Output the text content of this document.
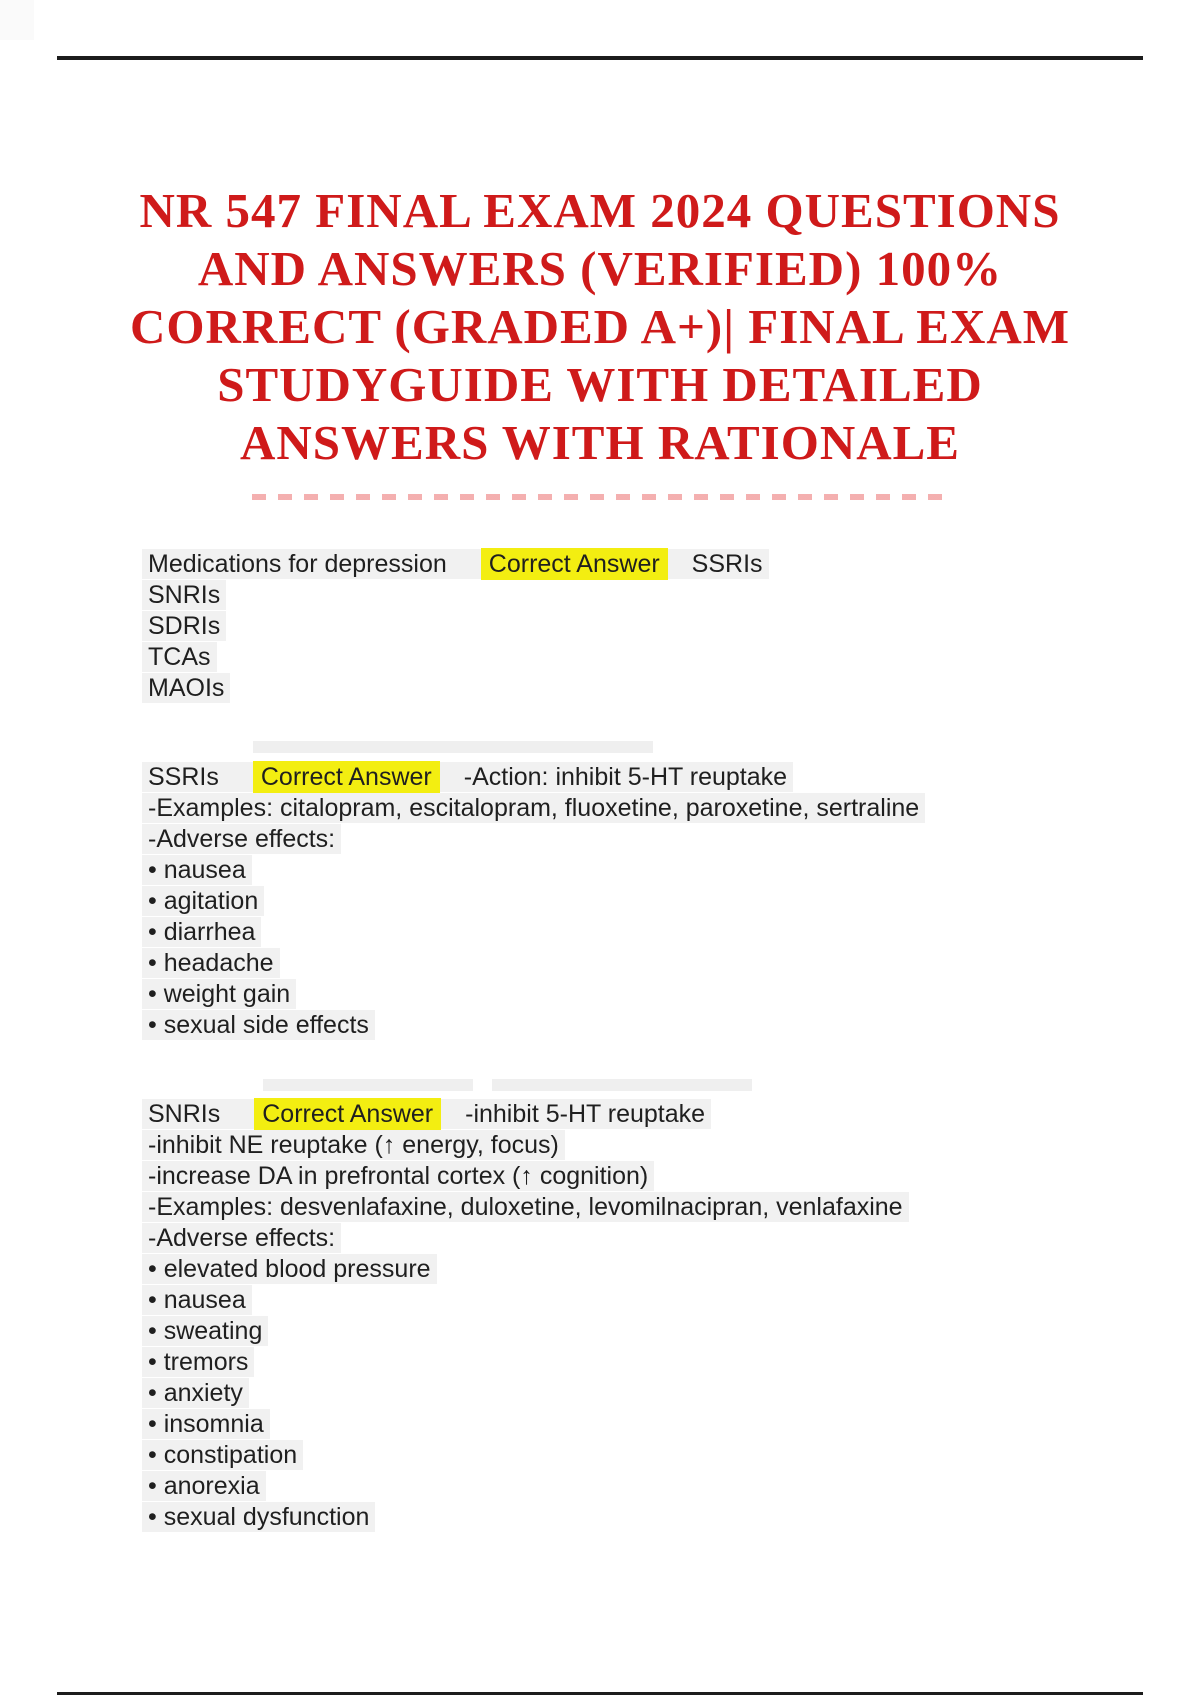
NR 547 FINAL EXAM 2024 QUESTIONS
AND ANSWERS (VERIFIED) 100%
CORRECT (GRADED A+)| FINAL EXAM
STUDYGUIDE WITH DETAILED
ANSWERS WITH RATIONALE
Medications for depression Correct Answer SSRIs
SNRIs
SDRIs
TCAs
MAOIs
SSRIs Correct Answer -Action: inhibit 5-HT reuptake
-Examples: citalopram, escitalopram, fluoxetine, paroxetine, sertraline
-Adverse effects:
• nausea
• agitation
• diarrhea
• headache
• weight gain
• sexual side effects
SNRIs Correct Answer -inhibit 5-HT reuptake
-inhibit NE reuptake (↑ energy, focus)
-increase DA in prefrontal cortex (↑ cognition)
-Examples: desvenlafaxine, duloxetine, levomilnacipran, venlafaxine
-Adverse effects:
• elevated blood pressure
• nausea
• sweating
• tremors
• anxiety
• insomnia
• constipation
• anorexia
• sexual dysfunction
